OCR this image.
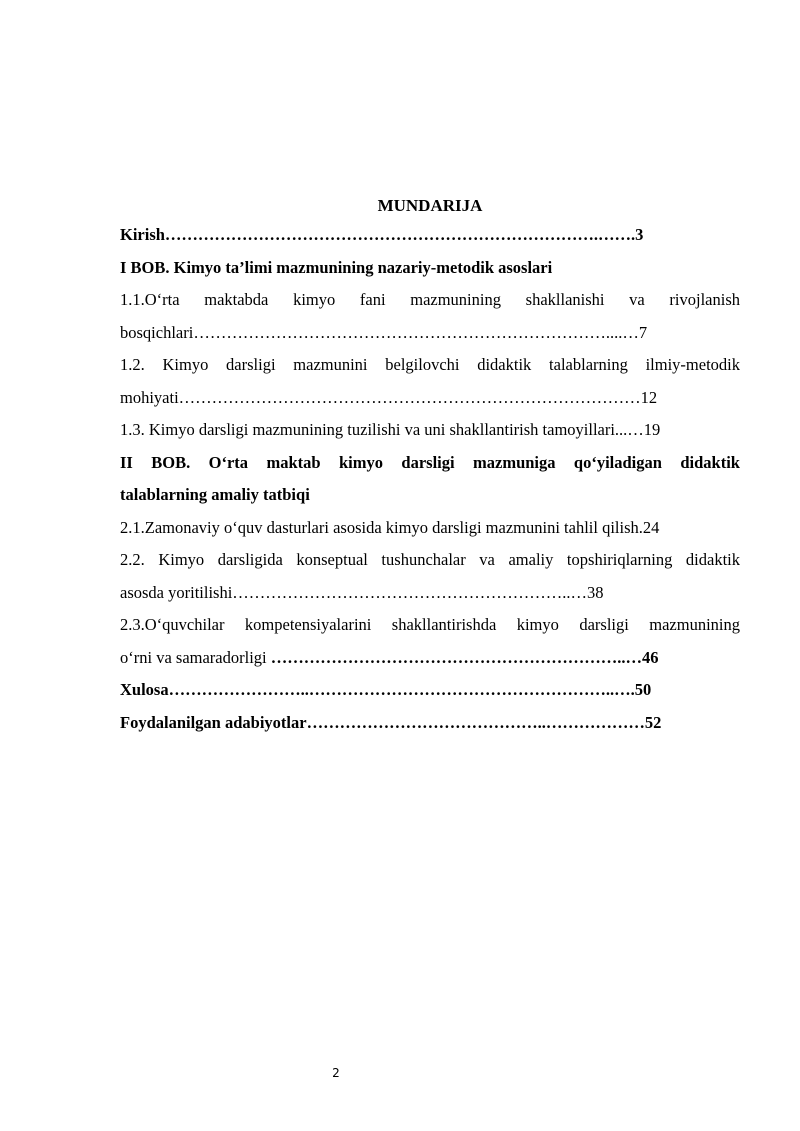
MUNDARIJA
Kirish…………………………………………………………………….…….3
I BOB. Kimyo ta’limi mazmunining nazariy-metodik asoslari
1.1.O‘rta maktabda kimyo fani mazmunining shakllanishi va rivojlanish
bosqichlari…………………………………………………………………....…7
1.2. Kimyo darsligi mazmunini belgilovchi didaktik talablarning ilmiy-metodik
mohiyati…………………………………………………………………………12
1.3. Kimyo darsligi mazmunining tuzilishi va uni shakllantirish tamoyillari...…19
II BOB. O‘rta maktab kimyo darsligi mazmuniga qo‘yiladigan didaktik
talablarning amaliy tatbiqi
2.1.Zamonaviy o‘quv dasturlari asosida kimyo darsligi mazmunini tahlil qilish.24
2.2. Kimyo darsligida konseptual tushunchalar va amaliy topshiriqlarning didaktik
asosda yoritilishi……………………………………………………..…38
2.3.O‘quvchilar kompetensiyalarini shakllantirishda kimyo darsligi mazmunining
o‘rni va samaradorligi ………………………………………………………..…46
Xulosa……………………..………………………………………………..….50
Foydalanilgan adabiyotlar……………………………………..………………52
2
